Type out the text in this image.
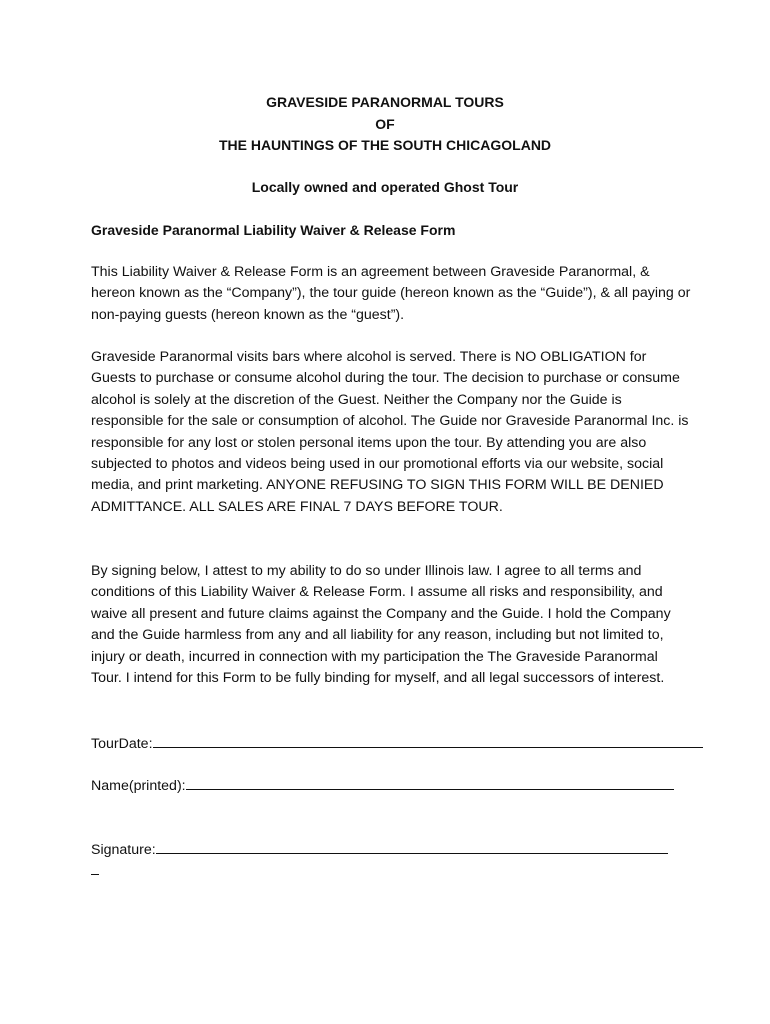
GRAVESIDE PARANORMAL TOURS
OF
THE HAUNTINGS OF THE SOUTH CHICAGOLAND
Locally owned and operated Ghost Tour
Graveside Paranormal Liability Waiver & Release Form

This Liability Waiver & Release Form is an agreement between Graveside Paranormal, & hereon known as the “Company”), the tour guide (hereon known as the “Guide”), & all paying or non-paying guests (hereon known as the “guest”).

Graveside Paranormal visits bars where alcohol is served. There is NO OBLIGATION for Guests to purchase or consume alcohol during the tour. The decision to purchase or consume alcohol is solely at the discretion of the Guest. Neither the Company nor the Guide is responsible for the sale or consumption of alcohol. The Guide nor Graveside Paranormal Inc. is responsible for any lost or stolen personal items upon the tour. By attending you are also subjected to photos and videos being used in our promotional efforts via our website, social media, and print marketing. ANYONE REFUSING TO SIGN THIS FORM WILL BE DENIED ADMITTANCE. ALL SALES ARE FINAL 7 DAYS BEFORE TOUR.

By signing below, I attest to my ability to do so under Illinois law. I agree to all terms and conditions of this Liability Waiver & Release Form. I assume all risks and responsibility, and waive all present and future claims against the Company and the Guide. I hold the Company and the Guide harmless from any and all liability for any reason, including but not limited to, injury or death, incurred in connection with my participation the The Graveside Paranormal Tour. I intend for this Form to be fully binding for myself, and all legal successors of interest.

TourDate:
Name(printed):
Signature:
